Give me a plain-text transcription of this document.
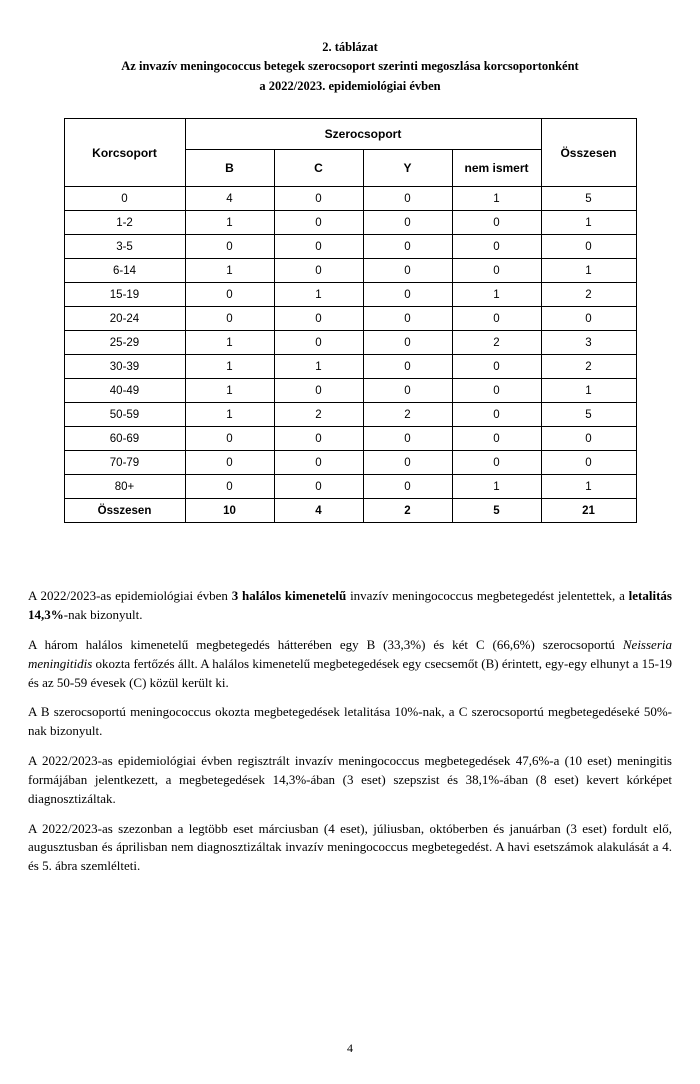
2. táblázat
Az invazív meningococcus betegek szerocsoport szerinti megoszlása korcsoportonként
a 2022/2023. epidemiológiai évben
Korcsoport	Szerocsoport				Összesen
	B	C	Y	nem ismert	
0	4	0	0	1	5
1-2	1	0	0	0	1
3-5	0	0	0	0	0
6-14	1	0	0	0	1
15-19	0	1	0	1	2
20-24	0	0	0	0	0
25-29	1	0	0	2	3
30-39	1	1	0	0	2
40-49	1	0	0	0	1
50-59	1	2	2	0	5
60-69	0	0	0	0	0
70-79	0	0	0	0	0
80+	0	0	0	1	1
Összesen	10	4	2	5	21

A 2022/2023-as epidemiológiai évben 3 halálos kimenetelű invazív meningococcus megbetegedést jelentettek, a letalitás 14,3%-nak bizonyult.

A három halálos kimenetelű megbetegedés hátterében egy B (33,3%) és két C (66,6%) szerocsoportú Neisseria meningitidis okozta fertőzés állt. A halálos kimenetelű megbetegedések egy csecsemőt (B) érintett, egy-egy elhunyt a 15-19 és az 50-59 évesek (C) közül került ki.

A B szerocsoportú meningococcus okozta megbetegedések letalitása 10%-nak, a C szerocsoportú megbetegedéseké 50%-nak bizonyult.

A 2022/2023-as epidemiológiai évben regisztrált invazív meningococcus megbetegedések 47,6%-a (10 eset) meningitis formájában jelentkezett, a megbetegedések 14,3%-ában (3 eset) szepszist és 38,1%-ában (8 eset) kevert kórképet diagnosztizáltak.

A 2022/2023-as szezonban a legtöbb eset márciusban (4 eset), júliusban, októberben és januárban (3 eset) fordult elő, augusztusban és áprilisban nem diagnosztizáltak invazív meningococcus megbetegedést. A havi esetszámok alakulását a 4. és 5. ábra szemlélteti.

4
